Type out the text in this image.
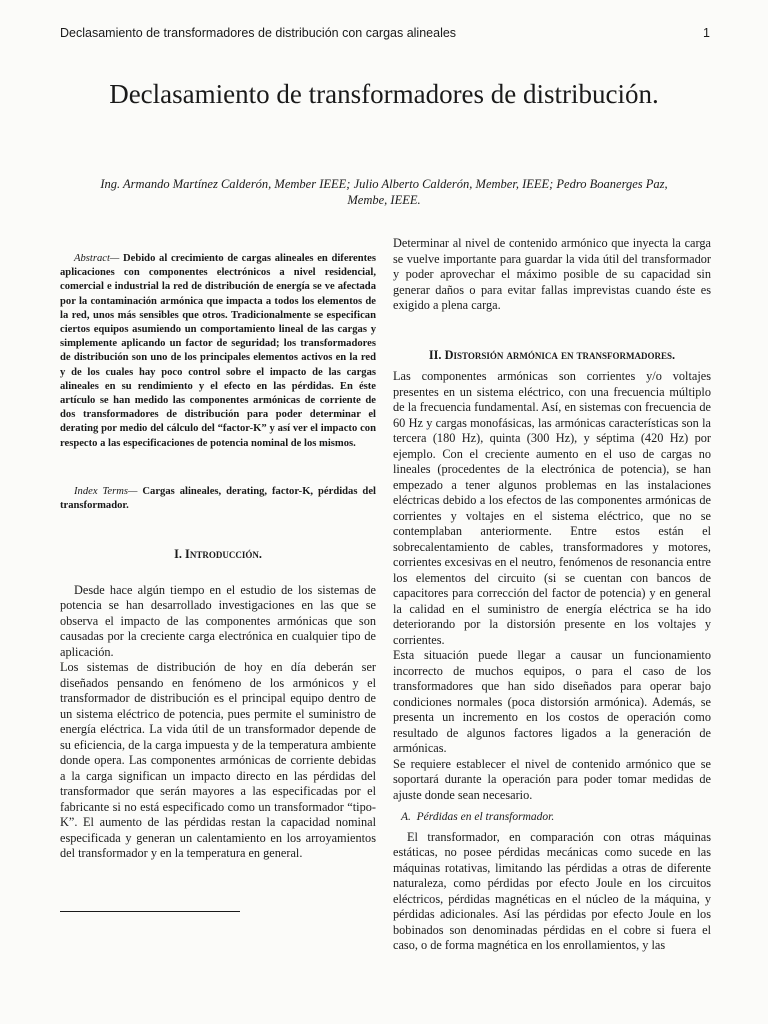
Declasamiento de transformadores de distribución con cargas alineales	1
Declasamiento de transformadores de distribución.
Ing. Armando Martínez Calderón, Member IEEE; Julio Alberto Calderón, Member, IEEE; Pedro Boanerges Paz, Membe, IEEE.

Abstract— Debido al crecimiento de cargas alineales en diferentes aplicaciones con componentes electrónicos a nivel residencial, comercial e industrial la red de distribución de energía se ve afectada por la contaminación armónica que impacta a todos los elementos de la red, unos más sensibles que otros. Tradicionalmente se especifican ciertos equipos asumiendo un comportamiento lineal de las cargas y simplemente aplicando un factor de seguridad; los transformadores de distribución son uno de los principales elementos activos en la red y de los cuales hay poco control sobre el impacto de las cargas alineales en su rendimiento y el efecto en las pérdidas. En éste artículo se han medido las componentes armónicas de corriente de dos transformadores de distribución para poder determinar el derating por medio del cálculo del “factor-K” y así ver el impacto con respecto a las especificaciones de potencia nominal de los mismos.

Index Terms— Cargas alineales, derating, factor-K, pérdidas del transformador.

I. Introducción.

Desde hace algún tiempo en el estudio de los sistemas de potencia se han desarrollado investigaciones en las que se observa el impacto de las componentes armónicas que son causadas por la creciente carga electrónica en cualquier tipo de aplicación.

Los sistemas de distribución de hoy en día deberán ser diseñados pensando en fenómeno de los armónicos y el transformador de distribución es el principal equipo dentro de un sistema eléctrico de potencia, pues permite el suministro de energía eléctrica. La vida útil de un transformador depende de su eficiencia, de la carga impuesta y de la temperatura ambiente donde opera. Las componentes armónicas de corriente debidas a la carga significan un impacto directo en las pérdidas del transformador que serán mayores a las especificadas por el fabricante si no está especificado como un transformador “tipo-K”. El aumento de las pérdidas restan la capacidad nominal especificada y generan un calentamiento en los arroyamientos del transformador y en la temperatura en general.

Determinar al nivel de contenido armónico que inyecta la carga se vuelve importante para guardar la vida útil del transformador y poder aprovechar el máximo posible de su capacidad sin generar daños o para evitar fallas imprevistas cuando éste es exigido a plena carga.

II. Distorsión armónica en transformadores.

Las componentes armónicas son corrientes y/o voltajes presentes en un sistema eléctrico, con una frecuencia múltiplo de la frecuencia fundamental. Así, en sistemas con frecuencia de 60 Hz y cargas monofásicas, las armónicas características son la tercera (180 Hz), quinta (300 Hz), y séptima (420 Hz) por ejemplo. Con el creciente aumento en el uso de cargas no lineales (procedentes de la electrónica de potencia), se han empezado a tener algunos problemas en las instalaciones eléctricas debido a los efectos de las componentes armónicas de corrientes y voltajes en el sistema eléctrico, que no se contemplaban anteriormente. Entre estos están el sobrecalentamiento de cables, transformadores y motores, corrientes excesivas en el neutro, fenómenos de resonancia entre los elementos del circuito (si se cuentan con bancos de capacitores para corrección del factor de potencia) y en general la calidad en el suministro de energía eléctrica se ha ido deteriorando por la distorsión presente en los voltajes y corrientes.

Esta situación puede llegar a causar un funcionamiento incorrecto de muchos equipos, o para el caso de los transformadores que han sido diseñados para operar bajo condiciones normales (poca distorsión armónica). Además, se presenta un incremento en los costos de operación como resultado de algunos factores ligados a la generación de armónicas.

Se requiere establecer el nivel de contenido armónico que se soportará durante la operación para poder tomar medidas de ajuste donde sean necesario.

A. Pérdidas en el transformador.

El transformador, en comparación con otras máquinas estáticas, no posee pérdidas mecánicas como sucede en las máquinas rotativas, limitando las pérdidas a otras de diferente naturaleza, como pérdidas por efecto Joule en los circuitos eléctricos, pérdidas magnéticas en el núcleo de la máquina, y pérdidas adicionales. Así las pérdidas por efecto Joule en los bobinados son denominadas pérdidas en el cobre si fuera el caso, o de forma magnética en los enrollamientos, y las
